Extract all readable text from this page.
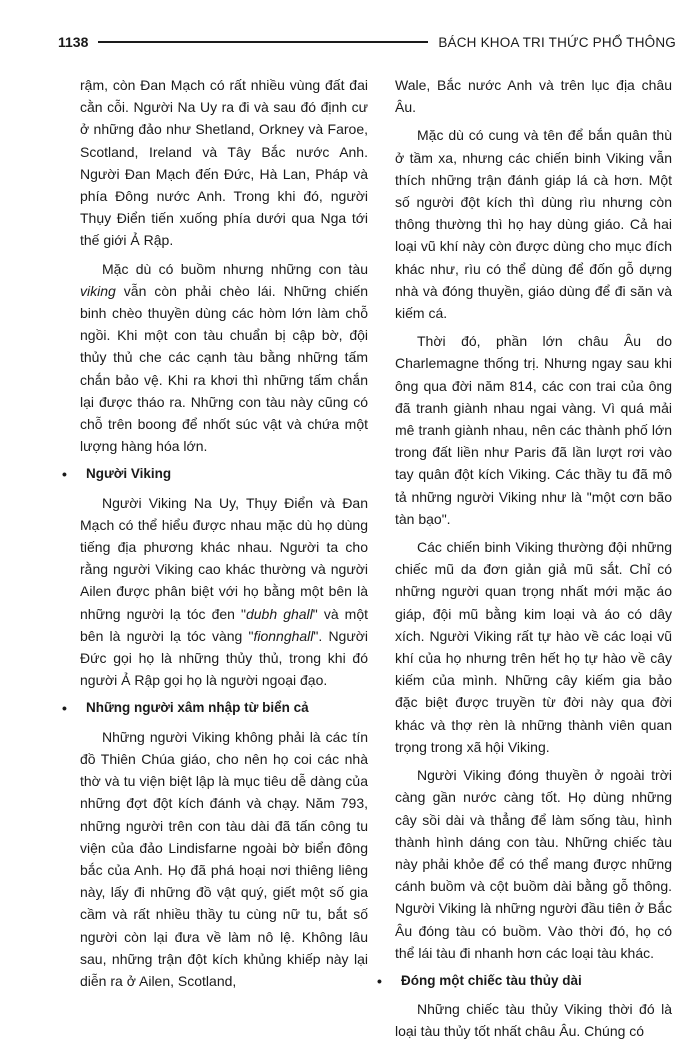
1138	BÁCH KHOA TRI THỨC PHỔ THÔNG

rậm, còn Đan Mạch có rất nhiều vùng đất đai cằn cỗi. Người Na Uy ra đi và sau đó định cư ở những đảo như Shetland, Orkney và Faroe, Scotland, Ireland và Tây Bắc nước Anh. Người Đan Mạch đến Đức, Hà Lan, Pháp và phía Đông nước Anh. Trong khi đó, người Thụy Điển tiến xuống phía dưới qua Nga tới thế giới Ả Rập.

Mặc dù có buồm nhưng những con tàu viking vẫn còn phải chèo lái. Những chiến binh chèo thuyền dùng các hòm lớn làm chỗ ngồi. Khi một con tàu chuẩn bị cập bờ, đội thủy thủ che các cạnh tàu bằng những tấm chắn bảo vệ. Khi ra khơi thì những tấm chắn lại được tháo ra. Những con tàu này cũng có chỗ trên boong để nhốt súc vật và chứa một lượng hàng hóa lớn.

• Người Viking

Người Viking Na Uy, Thụy Điển và Đan Mạch có thể hiểu được nhau mặc dù họ dùng tiếng địa phương khác nhau. Người ta cho rằng người Viking cao khác thường và người Ailen được phân biệt với họ bằng một bên là những người lạ tóc đen "dubh ghall" và một bên là người lạ tóc vàng "fionnghall". Người Đức gọi họ là những thủy thủ, trong khi đó người Ả Rập gọi họ là người ngoại đạo.

• Những người xâm nhập từ biển cả

Những người Viking không phải là các tín đồ Thiên Chúa giáo, cho nên họ coi các nhà thờ và tu viện biệt lập là mục tiêu dễ dàng của những đợt đột kích đánh và chạy. Năm 793, những người trên con tàu dài đã tấn công tu viện của đảo Lindisfarne ngoài bờ biển đông bắc của Anh. Họ đã phá hoại nơi thiêng liêng này, lấy đi những đồ vật quý, giết một số gia cầm và rất nhiều thầy tu cùng nữ tu, bắt số người còn lại đưa về làm nô lệ. Không lâu sau, những trận đột kích khủng khiếp này lại diễn ra ở Ailen, Scotland,

Wale, Bắc nước Anh và trên lục địa châu Âu.

Mặc dù có cung và tên để bắn quân thù ở tầm xa, nhưng các chiến binh Viking vẫn thích những trận đánh giáp lá cà hơn. Một số người đột kích thì dùng rìu nhưng còn thông thường thì họ hay dùng giáo. Cả hai loại vũ khí này còn được dùng cho mục đích khác như, rìu có thể dùng để đốn gỗ dựng nhà và đóng thuyền, giáo dùng để đi săn và kiếm cá.

Thời đó, phần lớn châu Âu do Charlemagne thống trị. Nhưng ngay sau khi ông qua đời năm 814, các con trai của ông đã tranh giành nhau ngai vàng. Vì quá mải mê tranh giành nhau, nên các thành phố lớn trong đất liền như Paris đã lần lượt rơi vào tay quân đột kích Viking. Các thầy tu đã mô tả những người Viking như là "một cơn bão tàn bạo".

Các chiến binh Viking thường đội những chiếc mũ da đơn giản giả mũ sắt. Chỉ có những người quan trọng nhất mới mặc áo giáp, đội mũ bằng kim loại và áo có dây xích. Người Viking rất tự hào về các loại vũ khí của họ nhưng trên hết họ tự hào về cây kiếm của mình. Những cây kiếm gia bảo đặc biệt được truyền từ đời này qua đời khác và thợ rèn là những thành viên quan trọng trong xã hội Viking.

Người Viking đóng thuyền ở ngoài trời càng gần nước càng tốt. Họ dùng những cây sồi dài và thẳng để làm sống tàu, hình thành hình dáng con tàu. Những chiếc tàu này phải khỏe để có thể mang được những cánh buồm và cột buồm dài bằng gỗ thông. Người Viking là những người đầu tiên ở Bắc Âu đóng tàu có buồm. Vào thời đó, họ có thể lái tàu đi nhanh hơn các loại tàu khác.

• Đóng một chiếc tàu thủy dài

Những chiếc tàu thủy Viking thời đó là loại tàu thủy tốt nhất châu Âu. Chúng có
